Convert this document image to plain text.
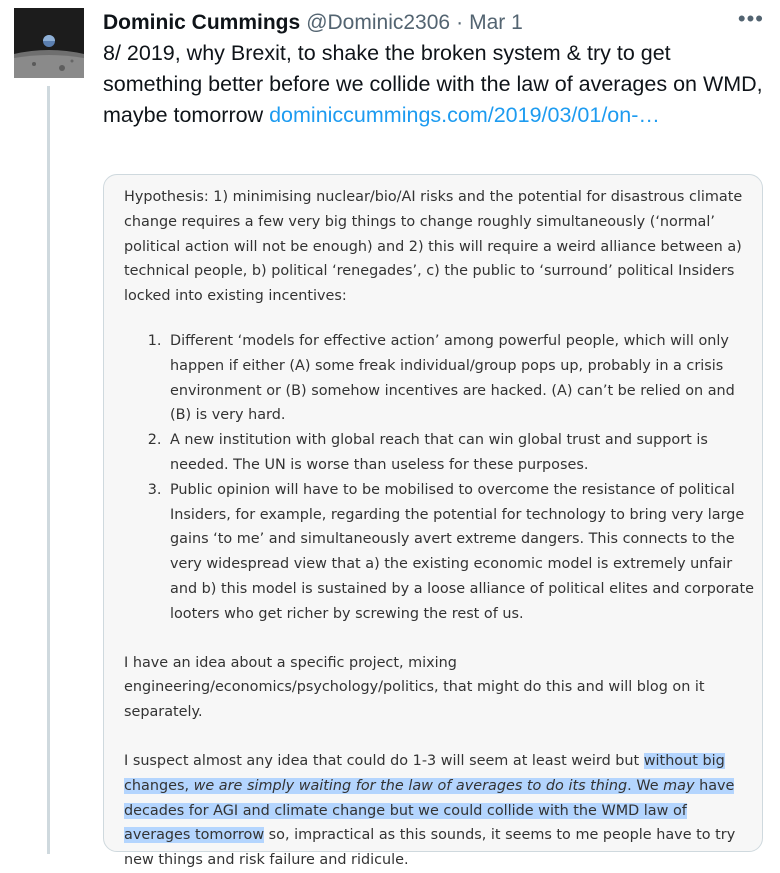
Dominic Cummings @Dominic2306 · Mar 1	•••
8/ 2019, why Brexit, to shake the broken system & try to get something better before we collide with the law of averages on WMD, maybe tomorrow dominiccummings.com/2019/03/01/on-…

Hypothesis: 1) minimising nuclear/bio/AI risks and the potential for disastrous climate change requires a few very big things to change roughly simultaneously (‘normal’ political action will not be enough) and 2) this will require a weird alliance between a) technical people, b) political ‘renegades’, c) the public to ‘surround’ political Insiders locked into existing incentives:

1. Different ‘models for effective action’ among powerful people, which will only happen if either (A) some freak individual/group pops up, probably in a crisis environment or (B) somehow incentives are hacked. (A) can’t be relied on and (B) is very hard.
2. A new institution with global reach that can win global trust and support is needed. The UN is worse than useless for these purposes.
3. Public opinion will have to be mobilised to overcome the resistance of political Insiders, for example, regarding the potential for technology to bring very large gains ‘to me’ and simultaneously avert extreme dangers. This connects to the very widespread view that a) the existing economic model is extremely unfair and b) this model is sustained by a loose alliance of political elites and corporate looters who get richer by screwing the rest of us.

I have an idea about a specific project, mixing engineering/economics/psychology/politics, that might do this and will blog on it separately.

I suspect almost any idea that could do 1-3 will seem at least weird but without big changes, we are simply waiting for the law of averages to do its thing. We may have decades for AGI and climate change but we could collide with the WMD law of averages tomorrow so, impractical as this sounds, it seems to me people have to try new things and risk failure and ridicule.
